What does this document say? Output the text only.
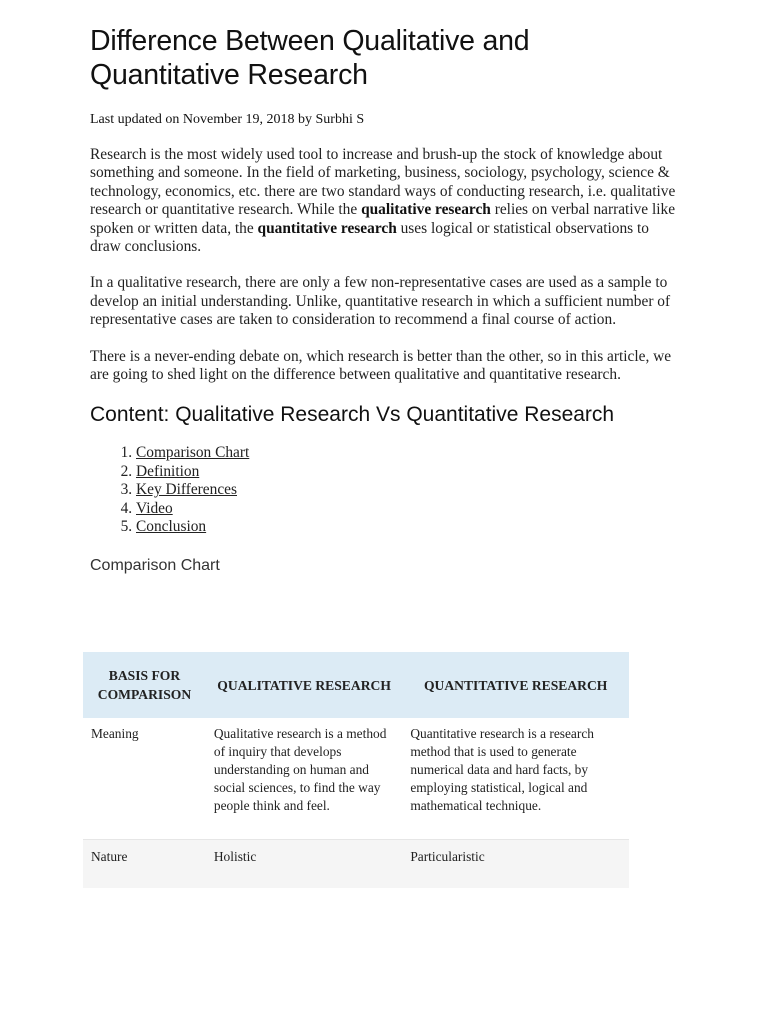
Difference Between Qualitative and Quantitative Research
Last updated on November 19, 2018 by Surbhi S

Research is the most widely used tool to increase and brush-up the stock of knowledge about something and someone. In the field of marketing, business, sociology, psychology, science & technology, economics, etc. there are two standard ways of conducting research, i.e. qualitative research or quantitative research. While the qualitative research relies on verbal narrative like spoken or written data, the quantitative research uses logical or statistical observations to draw conclusions.

In a qualitative research, there are only a few non-representative cases are used as a sample to develop an initial understanding. Unlike, quantitative research in which a sufficient number of representative cases are taken to consideration to recommend a final course of action.

There is a never-ending debate on, which research is better than the other, so in this article, we are going to shed light on the difference between qualitative and quantitative research.

Content: Qualitative Research Vs Quantitative Research
1. Comparison Chart
2. Definition
3. Key Differences
4. Video
5. Conclusion
Comparison Chart
BASIS FOR COMPARISON	QUALITATIVE RESEARCH	QUANTITATIVE RESEARCH
Meaning	Qualitative research is a method of inquiry that develops understanding on human and social sciences, to find the way people think and feel.	Quantitative research is a research method that is used to generate numerical data and hard facts, by employing statistical, logical and mathematical technique.
Nature	Holistic	Particularistic
